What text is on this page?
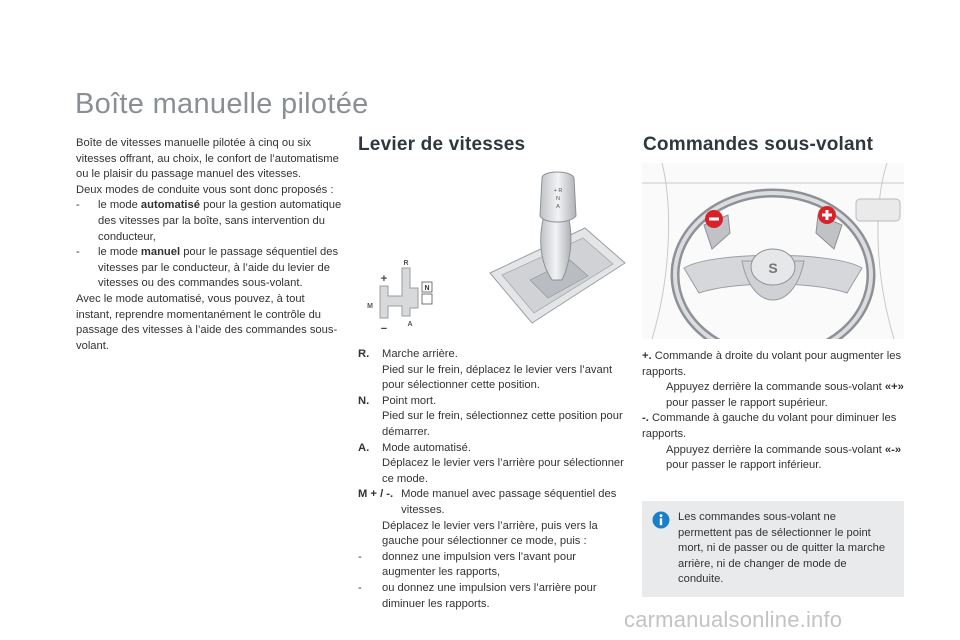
Boîte manuelle pilotée
Boîte de vitesses manuelle pilotée à cinq ou six vitesses offrant, au choix, le confort de l’automatisme ou le plaisir du passage manuel des vitesses.
Deux modes de conduite vous sont donc proposés :
-	le mode automatisé pour la gestion automatique des vitesses par la boîte, sans intervention du conducteur,
-	le mode manuel pour le passage séquentiel des vitesses par le conducteur, à l’aide du levier de vitesses ou des commandes sous-volant.
Avec le mode automatisé, vous pouvez, à tout instant, reprendre momentanément le contrôle du passage des vitesses à l’aide des commandes sous-volant.
Levier de vitesses	Commandes sous-volant
R
N
A
M
+
−
+ R
N
A
S
R.	Marche arrière.
Pied sur le frein, déplacez le levier vers l’avant pour sélectionner cette position.
N.	Point mort.
Pied sur le frein, sélectionnez cette position pour démarrer.
A.	Mode automatisé.
Déplacez le levier vers l’arrière pour sélectionner ce mode.
M + / -. Mode manuel avec passage séquentiel des vitesses.
Déplacez le levier vers l’arrière, puis vers la gauche pour sélectionner ce mode, puis :
-	donnez une impulsion vers l’avant pour augmenter les rapports,
-	ou donnez une impulsion vers l’arrière pour diminuer les rapports.
+. Commande à droite du volant pour augmenter les rapports.
Appuyez derrière la commande sous-volant «+» pour passer le rapport supérieur.
-. Commande à gauche du volant pour diminuer les rapports.
Appuyez derrière la commande sous-volant «-» pour passer le rapport inférieur.
Les commandes sous-volant ne permettent pas de sélectionner le point mort, ni de passer ou de quitter la marche arrière, ni de changer de mode de conduite.
carmanualsonline.info
